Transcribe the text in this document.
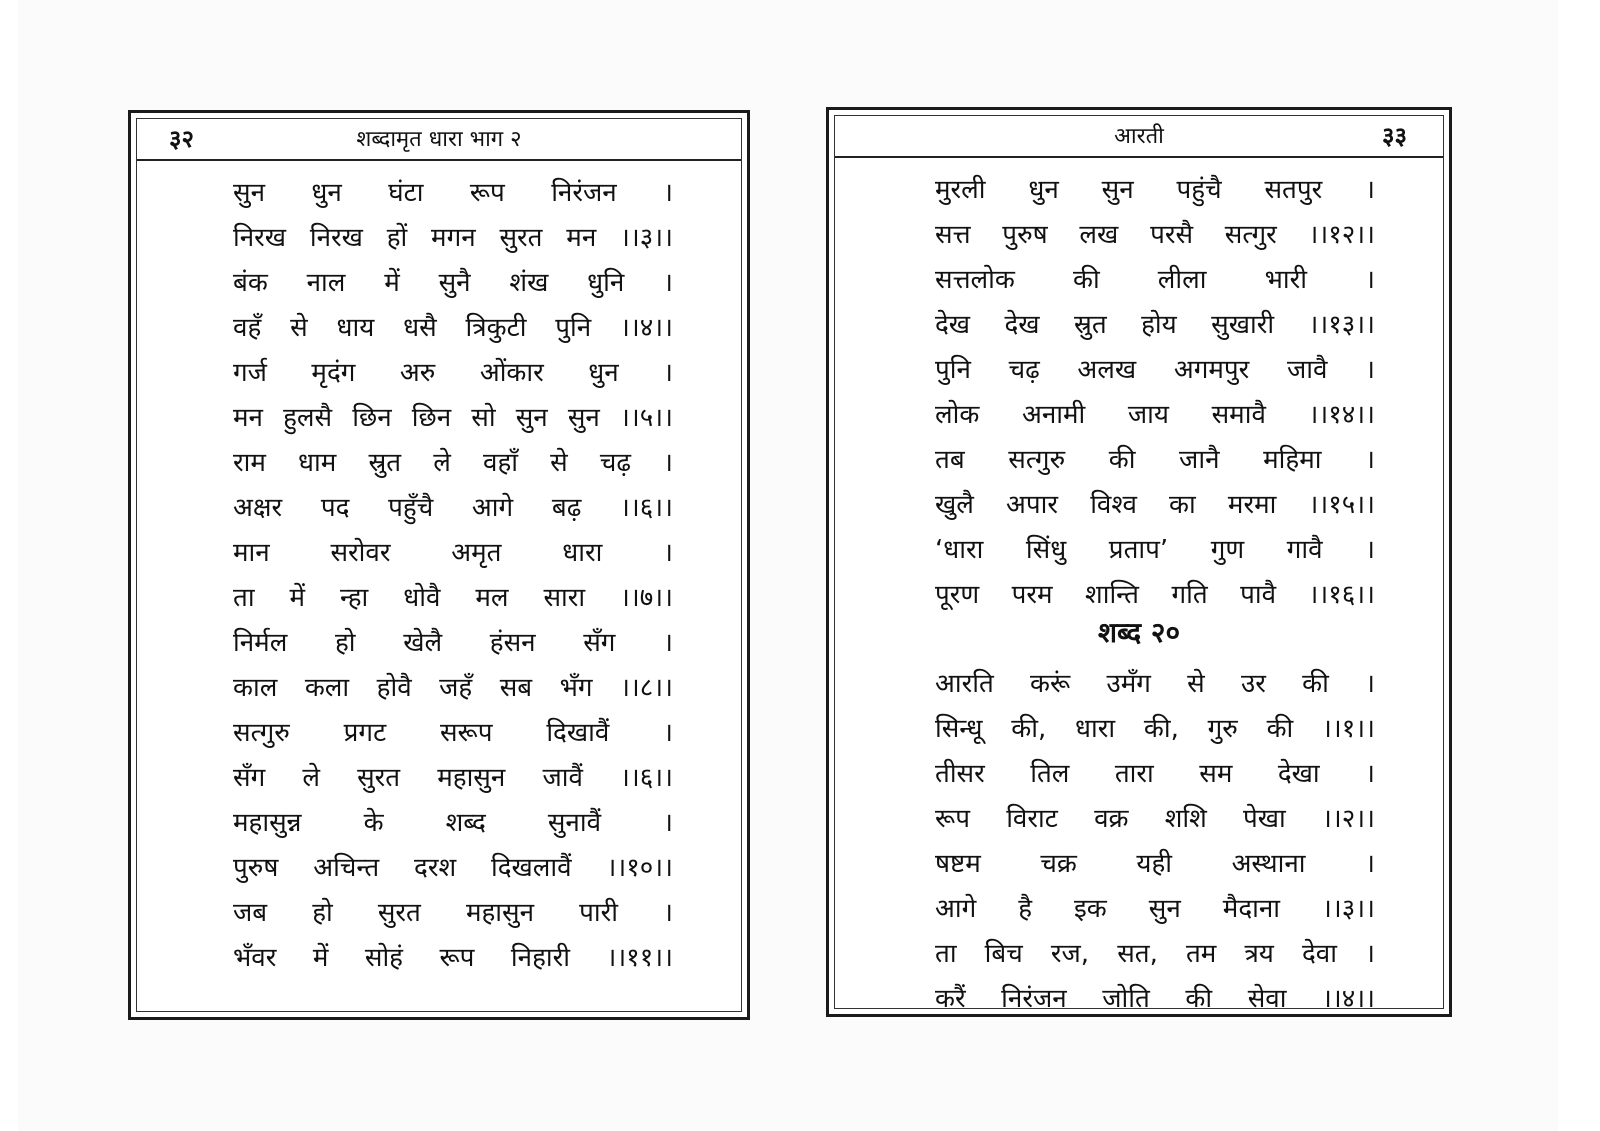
३२	शब्दामृत धारा भाग २
सुन धुन घंटा रूप निरंजन ।
निरख निरख हों मगन सुरत मन ।।३।।
बंक नाल में सुनै शंख धुनि ।
वहँ से धाय धसै त्रिकुटी पुनि ।।४।।
गर्ज मृदंग अरु ओंकार धुन ।
मन हुलसै छिन छिन सो सुन सुन ।।५।।
राम धाम स्रुत ले वहाँ से चढ़ ।
अक्षर पद पहुँचै आगे बढ़ ।।६।।
मान सरोवर अमृत धारा ।
ता में न्हा धोवै मल सारा ।।७।।
निर्मल हो खेलै हंसन सँग ।
काल कला होवै जहँ सब भँग ।।८।।
सत्गुरु प्रगट सरूप दिखावैं ।
सँग ले सुरत महासुन जावैं ।।६।।
महासुन्न के शब्द सुनावैं ।
पुरुष अचिन्त दरश दिखलावैं ।।१०।।
जब हो सुरत महासुन पारी ।
भँवर में सोहं रूप निहारी ।।११।।
आरती	३३
मुरली धुन सुन पहुंचै सतपुर ।
सत्त पुरुष लख परसै सत्गुर ।।१२।।
सत्तलोक की लीला भारी ।
देख देख स्रुत होय सुखारी ।।१३।।
पुनि चढ़ अलख अगमपुर जावै ।
लोक अनामी जाय समावै ।।१४।।
तब सत्गुरु की जानै महिमा ।
खुलै अपार विश्व का मरमा ।।१५।।
‘धारा सिंधु प्रताप’ गुण गावै ।
पूरण परम शान्ति गति पावै ।।१६।।
शब्द २०
आरति करूं उमँग से उर की ।
सिन्धू की, धारा की, गुरु की ।।१।।
तीसर तिल तारा सम देखा ।
रूप विराट वक्र शशि पेखा ।।२।।
षष्टम चक्र यही अस्थाना ।
आगे है इक सुन मैदाना ।।३।।
ता बिच रज, सत, तम त्रय देवा ।
करैं निरंजन जोति की सेवा ।।४।।
